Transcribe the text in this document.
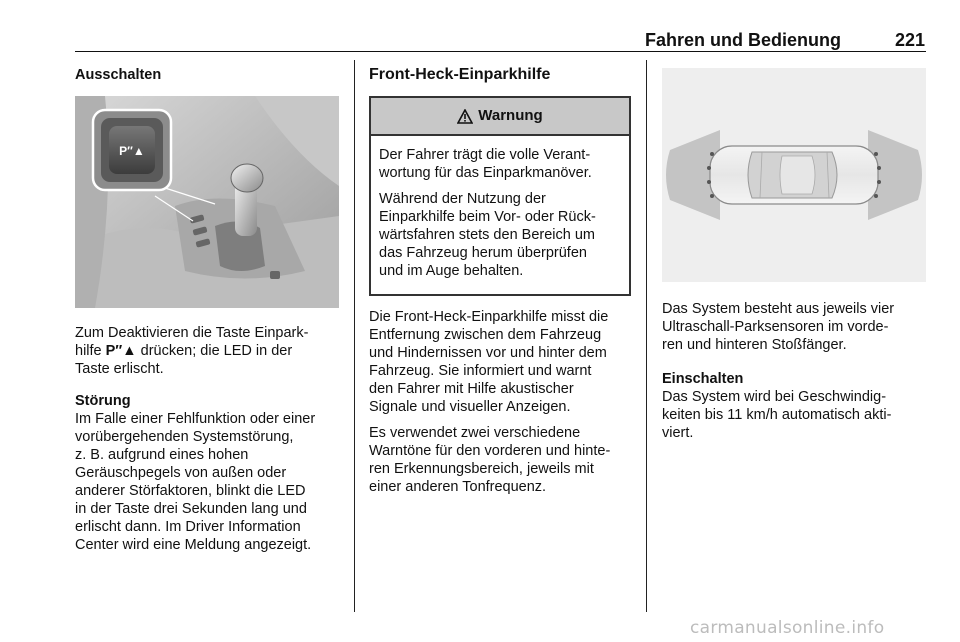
Fahren und Bedienung	221

Ausschalten

P″▲

Zum Deaktivieren die Taste Einpark-
hilfe P″▲ drücken; die LED in der
Taste erlischt.

Störung

Im Falle einer Fehlfunktion oder einer
vorübergehenden Systemstörung,
z. B. aufgrund eines hohen
Geräuschpegels von außen oder
anderer Störfaktoren, blinkt die LED
in der Taste drei Sekunden lang und
erlischt dann. Im Driver Information
Center wird eine Meldung angezeigt.

Front-Heck-Einparkhilfe

Warnung

Der Fahrer trägt die volle Verant-
wortung für das Einparkmanöver.

Während der Nutzung der
Einparkhilfe beim Vor- oder Rück-
wärtsfahren stets den Bereich um
das Fahrzeug herum überprüfen
und im Auge behalten.

Die Front-Heck-Einparkhilfe misst die
Entfernung zwischen dem Fahrzeug
und Hindernissen vor und hinter dem
Fahrzeug. Sie informiert und warnt
den Fahrer mit Hilfe akustischer
Signale und visueller Anzeigen.

Es verwendet zwei verschiedene
Warntöne für den vorderen und hinte-
ren Erkennungsbereich, jeweils mit
einer anderen Tonfrequenz.

Das System besteht aus jeweils vier
Ultraschall-Parksensoren im vorde-
ren und hinteren Stoßfänger.

Einschalten

Das System wird bei Geschwindig-
keiten bis 11 km/h automatisch akti-
viert.

carmanualsonline.info
